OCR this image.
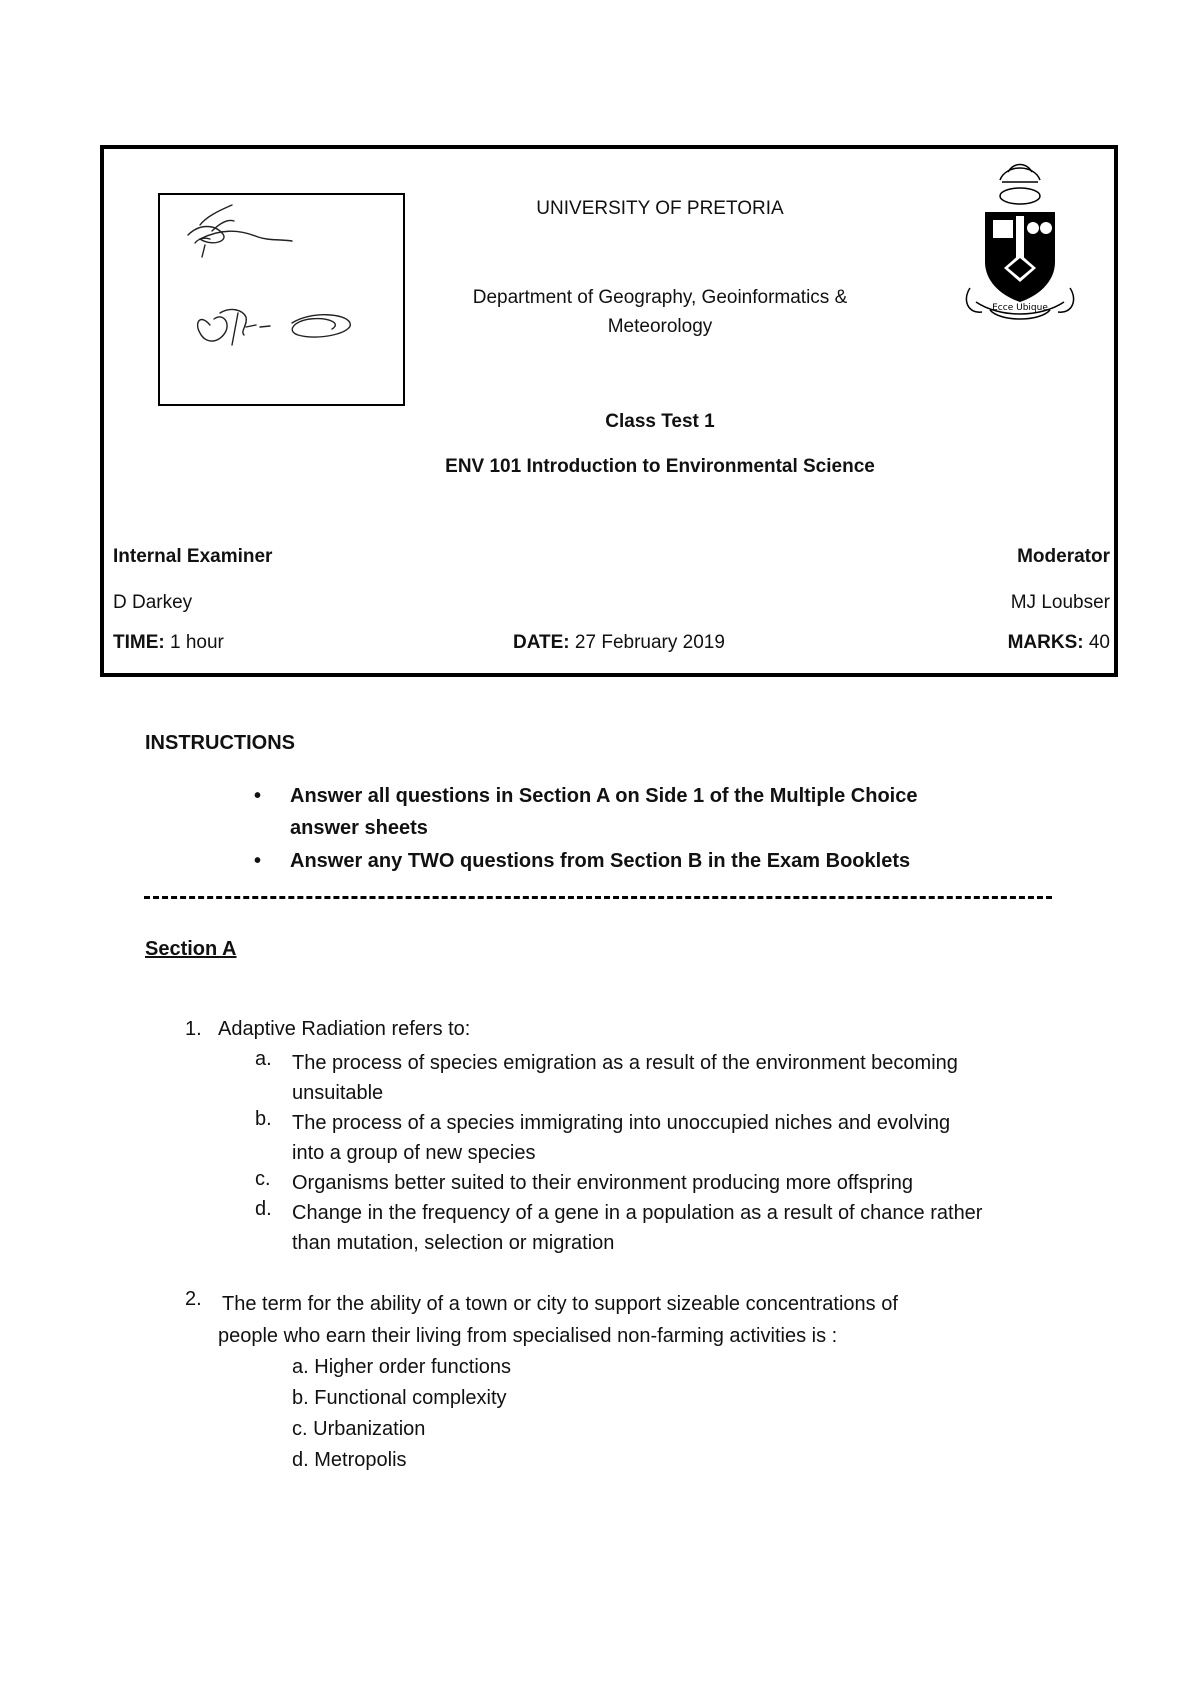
Ecce Ubique
UNIVERSITY OF PRETORIA
Department of Geography, Geoinformatics &
Meteorology
Class Test 1
ENV 101 Introduction to Environmental Science
Internal Examiner
D Darkey
Moderator
MJ Loubser
TIME: 1 hour	DATE: 27 February 2019	MARKS: 40
INSTRUCTIONS
• Answer all questions in Section A on Side 1 of the Multiple Choice
answer sheets
• Answer any TWO questions from Section B in the Exam Booklets
Section A
1. Adaptive Radiation refers to:
a. The process of species emigration as a result of the environment becoming
unsuitable
b. The process of a species immigrating into unoccupied niches and evolving
into a group of new species
c. Organisms better suited to their environment producing more offspring
d. Change in the frequency of a gene in a population as a result of chance rather
than mutation, selection or migration
2. The term for the ability of a town or city to support sizeable concentrations of
people who earn their living from specialised non-farming activities is :
a. Higher order functions
b. Functional complexity
c. Urbanization
d. Metropolis
